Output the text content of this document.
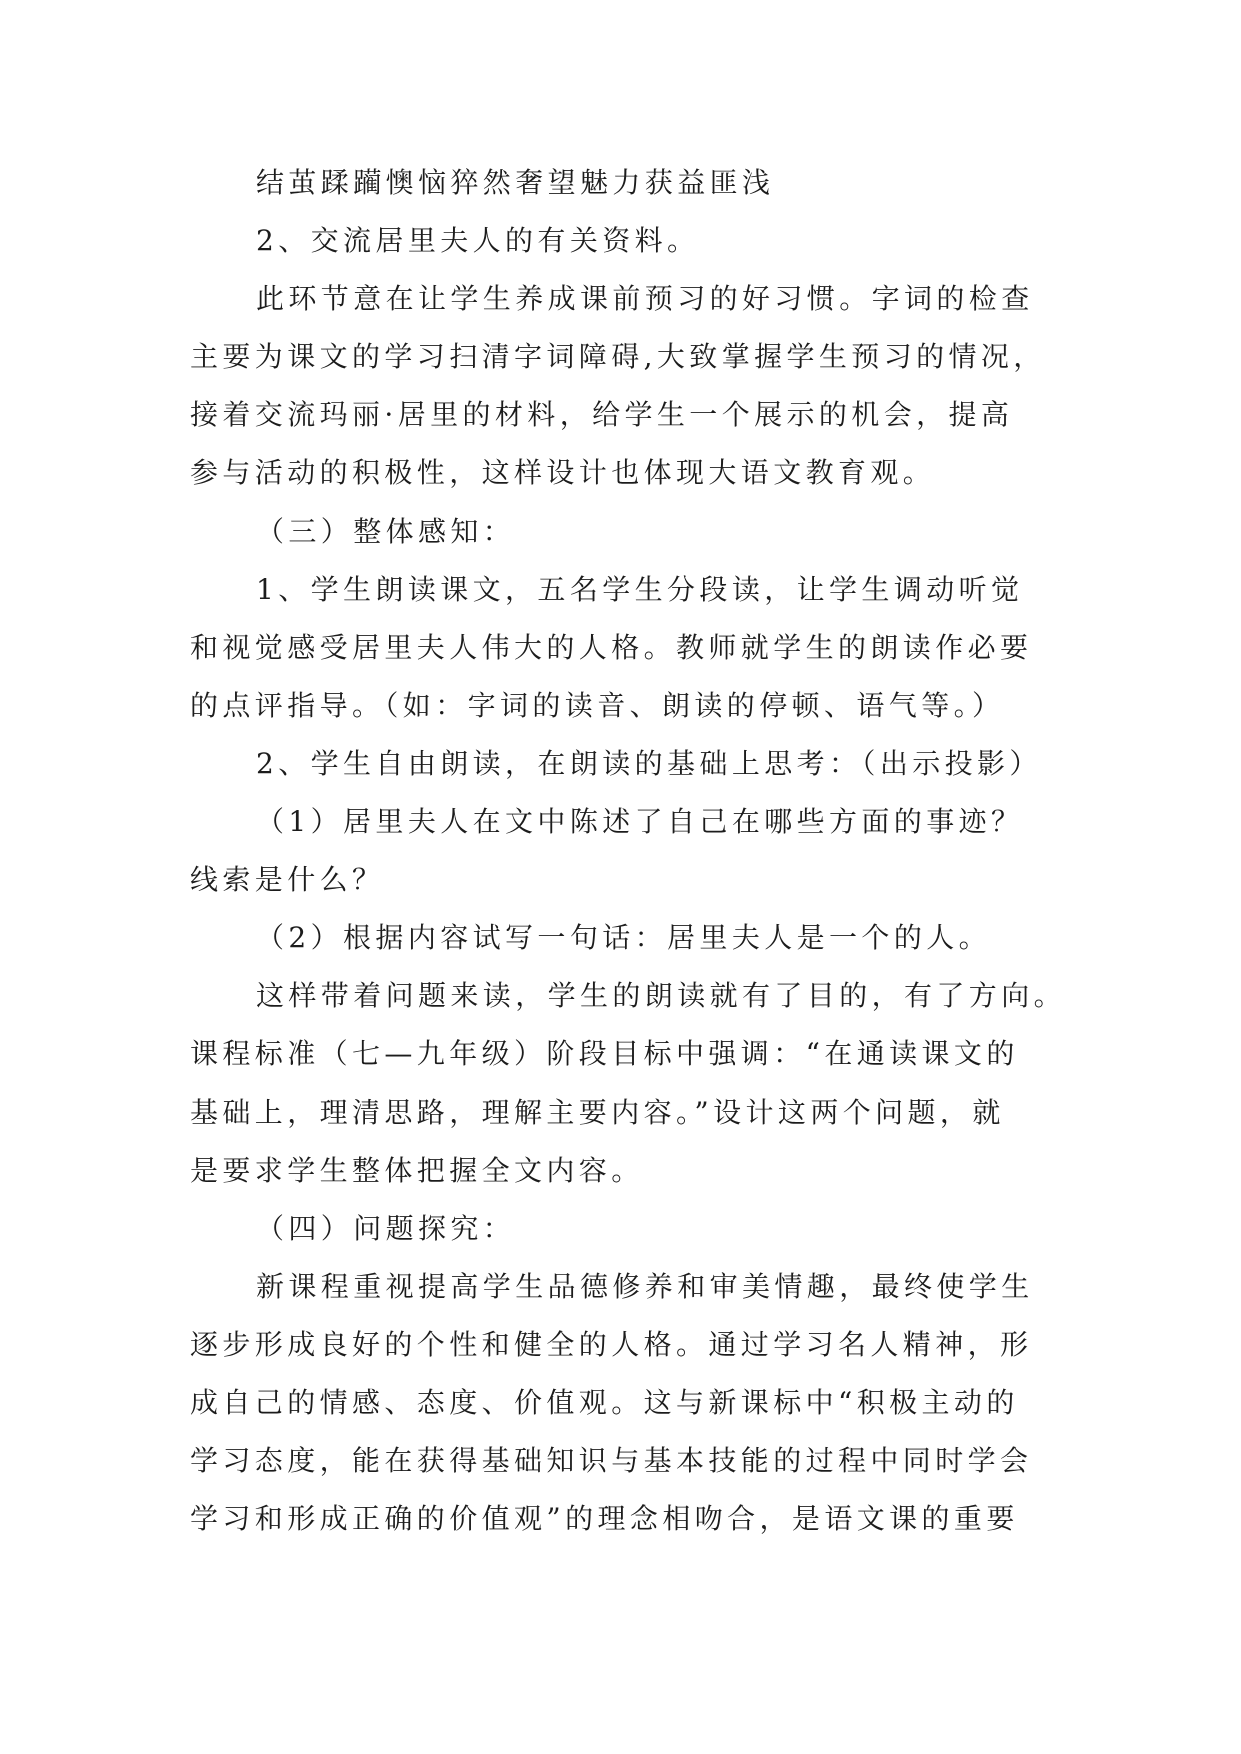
结茧蹂躏懊恼猝然奢望魅力获益匪浅
2、交流居里夫人的有关资料。
此环节意在让学生养成课前预习的好习惯。字词的检查
主要为课文的学习扫清字词障碍,大致掌握学生预习的情况，
接着交流玛丽·居里的材料，给学生一个展示的机会，提高
参与活动的积极性，这样设计也体现大语文教育观。
（三）整体感知：
1、学生朗读课文，五名学生分段读，让学生调动听觉
和视觉感受居里夫人伟大的人格。教师就学生的朗读作必要
的点评指导。（如：字词的读音、朗读的停顿、语气等。）
2、学生自由朗读，在朗读的基础上思考：（出示投影）
（1）居里夫人在文中陈述了自己在哪些方面的事迹？
线索是什么？
（2）根据内容试写一句话：居里夫人是一个的人。
这样带着问题来读，学生的朗读就有了目的，有了方向。
课程标准（七—九年级）阶段目标中强调：“在通读课文的
基础上，理清思路，理解主要内容。”设计这两个问题，就
是要求学生整体把握全文内容。
（四）问题探究：
新课程重视提高学生品德修养和审美情趣，最终使学生
逐步形成良好的个性和健全的人格。通过学习名人精神，形
成自己的情感、态度、价值观。这与新课标中“积极主动的
学习态度，能在获得基础知识与基本技能的过程中同时学会
学习和形成正确的价值观”的理念相吻合，是语文课的重要
